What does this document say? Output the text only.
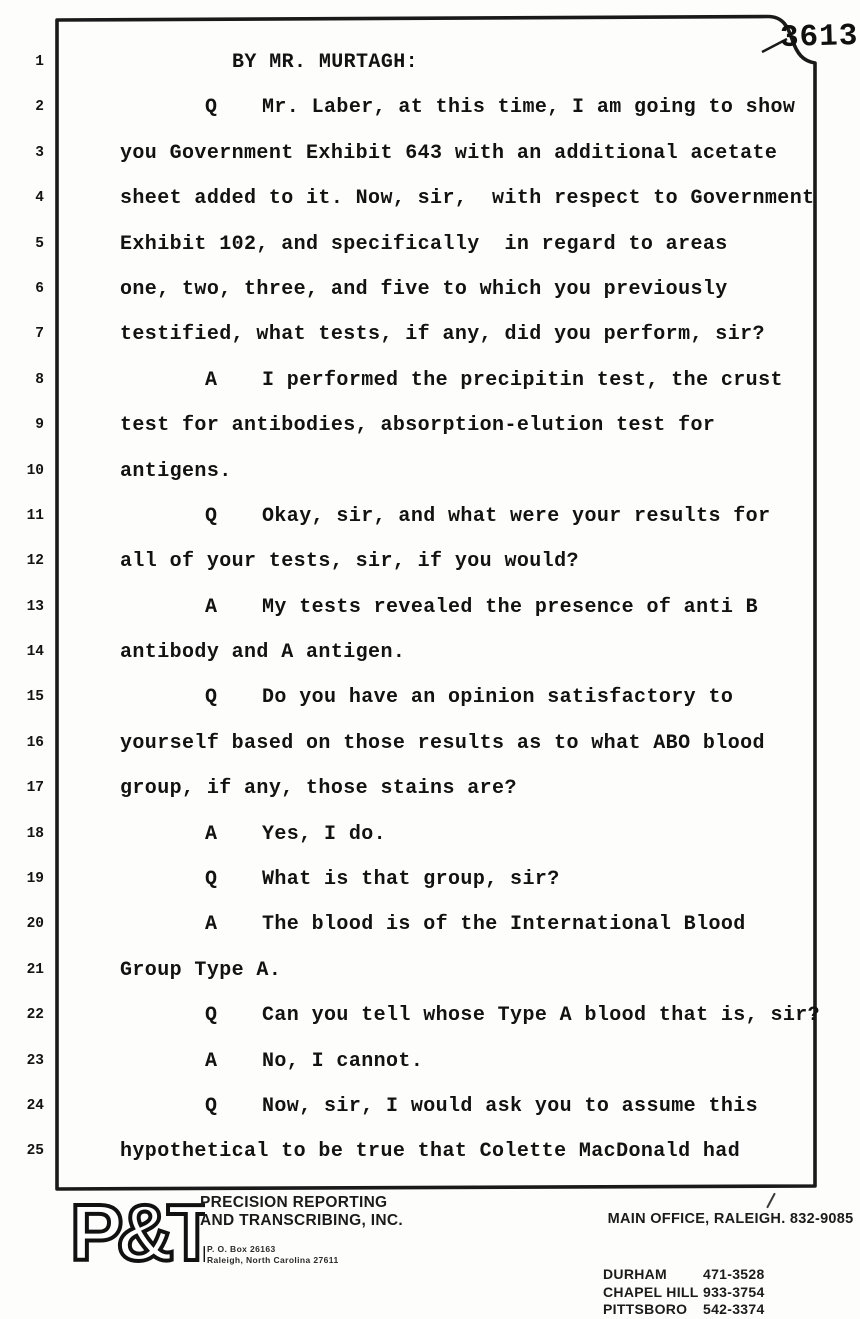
3613
1	BY MR. MURTAGH:
2	Q Mr. Laber, at this time, I am going to show
3	you Government Exhibit 643 with an additional acetate
4	sheet added to it. Now, sir,  with respect to Government
5	Exhibit 102, and specifically  in regard to areas
6	one, two, three, and five to which you previously
7	testified, what tests, if any, did you perform, sir?
8	A I performed the precipitin test, the crust
9	test for antibodies, absorption-elution test for
10	antigens.
11	Q Okay, sir, and what were your results for
12	all of your tests, sir, if you would?
13	A My tests revealed the presence of anti B
14	antibody and A antigen.
15	Q Do you have an opinion satisfactory to
16	yourself based on those results as to what ABO blood
17	group, if any, those stains are?
18	A Yes, I do.
19	Q What is that group, sir?
20	A The blood is of the International Blood
21	Group Type A.
22	Q Can you tell whose Type A blood that is, sir?
23	A No, I cannot.
24	Q Now, sir, I would ask you to assume this
25	hypothetical to be true that Colette MacDonald had
P&T.
PRECISION REPORTING
AND TRANSCRIBING, INC.
P. O. Box 26163
Raleigh, North Carolina 27611

MAIN OFFICE, RALEIGH. 832-9085

DURHAM	471-3528
CHAPEL HILL 933-3754
PITTSBORO 542-3374
